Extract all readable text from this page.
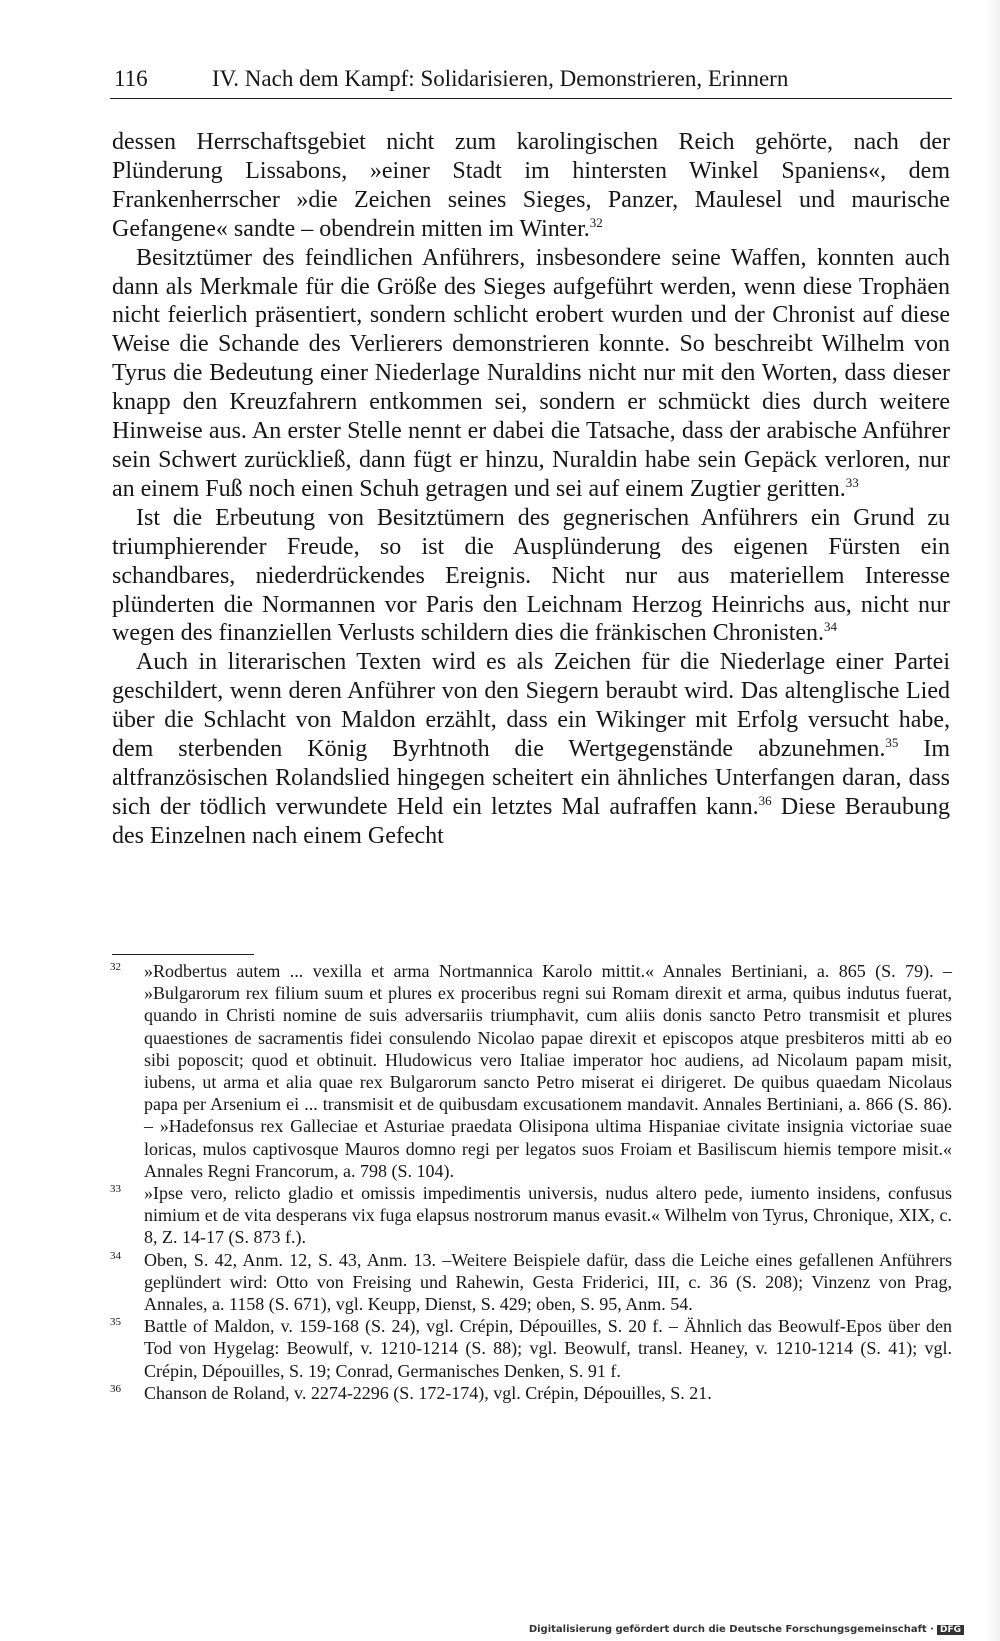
116	IV. Nach dem Kampf: Solidarisieren, Demonstrieren, Erinnern

dessen Herrschaftsgebiet nicht zum karolingischen Reich gehörte, nach der Plünderung Lissabons, »einer Stadt im hintersten Winkel Spaniens«, dem Frankenherrscher »die Zeichen seines Sieges, Panzer, Maulesel und maurische Gefangene« sandte – obendrein mitten im Winter.$^{32}$

Besitztümer des feindlichen Anführers, insbesondere seine Waffen, konnten auch dann als Merkmale für die Größe des Sieges aufgeführt werden, wenn diese Trophäen nicht feierlich präsentiert, sondern schlicht erobert wurden und der Chronist auf diese Weise die Schande des Verlierers demonstrieren konnte. So beschreibt Wilhelm von Tyrus die Bedeutung einer Niederlage Nuraldins nicht nur mit den Worten, dass dieser knapp den Kreuzfahrern entkommen sei, sondern er schmückt dies durch weitere Hinweise aus. An erster Stelle nennt er dabei die Tatsache, dass der arabische Anführer sein Schwert zurückließ, dann fügt er hinzu, Nuraldin habe sein Gepäck verloren, nur an einem Fuß noch einen Schuh getragen und sei auf einem Zugtier geritten.$^{33}$

Ist die Erbeutung von Besitztümern des gegnerischen Anführers ein Grund zu triumphierender Freude, so ist die Ausplünderung des eigenen Fürsten ein schandbares, niederdrückendes Ereignis. Nicht nur aus materiellem Interesse plünderten die Normannen vor Paris den Leichnam Herzog Heinrichs aus, nicht nur wegen des finanziellen Verlusts schildern dies die fränkischen Chronisten.$^{34}$

Auch in literarischen Texten wird es als Zeichen für die Niederlage einer Partei geschildert, wenn deren Anführer von den Siegern beraubt wird. Das altenglische Lied über die Schlacht von Maldon erzählt, dass ein Wikinger mit Erfolg versucht habe, dem sterbenden König Byrhtnoth die Wertgegenstände abzunehmen.$^{35}$ Im altfranzösischen Rolandslied hingegen scheitert ein ähnliches Unterfangen daran, dass sich der tödlich verwundete Held ein letztes Mal aufraffen kann.$^{36}$ Diese Beraubung des Einzelnen nach einem Gefecht

32 »Rodbertus autem ... vexilla et arma Nortmannica Karolo mittit.« Annales Bertiniani, a. 865 (S. 79). – »Bulgarorum rex filium suum et plures ex proceribus regni sui Romam direxit et arma, quibus indutus fuerat, quando in Christi nomine de suis adversariis triumphavit, cum aliis donis sancto Petro transmisit et plures quaestiones de sacramentis fidei consulendo Nicolao papae direxit et episcopos atque presbiteros mitti ab eo sibi poposcit; quod et obtinuit. Hludowicus vero Italiae imperator hoc audiens, ad Nicolaum papam misit, iubens, ut arma et alia quae rex Bulgarorum sancto Petro miserat ei dirigeret. De quibus quaedam Nicolaus papa per Arsenium ei ... transmisit et de quibusdam excusationem mandavit. Annales Bertiniani, a. 866 (S. 86). – »Hadefonsus rex Galleciae et Asturiae praedata Olisipona ultima Hispaniae civitate insignia victoriae suae loricas, mulos captivosque Mauros domno regi per legatos suos Froiam et Basiliscum hiemis tempore misit.« Annales Regni Francorum, a. 798 (S. 104).
33 »Ipse vero, relicto gladio et omissis impedimentis universis, nudus altero pede, iumento insidens, confusus nimium et de vita desperans vix fuga elapsus nostrorum manus evasit.« Wilhelm von Tyrus, Chronique, XIX, c. 8, Z. 14-17 (S. 873 f.).
34 Oben, S. 42, Anm. 12, S. 43, Anm. 13. –Weitere Beispiele dafür, dass die Leiche eines gefallenen Anführers geplündert wird: Otto von Freising und Rahewin, Gesta Friderici, III, c. 36 (S. 208); Vinzenz von Prag, Annales, a. 1158 (S. 671), vgl. Keupp, Dienst, S. 429; oben, S. 95, Anm. 54.
35 Battle of Maldon, v. 159-168 (S. 24), vgl. Crépin, Dépouilles, S. 20 f. – Ähnlich das Beowulf-Epos über den Tod von Hygelag: Beowulf, v. 1210-1214 (S. 88); vgl. Beowulf, transl. Heaney, v. 1210-1214 (S. 41); vgl. Crépin, Dépouilles, S. 19; Conrad, Germanisches Denken, S. 91 f.
36 Chanson de Roland, v. 2274-2296 (S. 172-174), vgl. Crépin, Dépouilles, S. 21.
Digitalisierung gefördert durch die Deutsche Forschungsgemeinschaft · DFG
